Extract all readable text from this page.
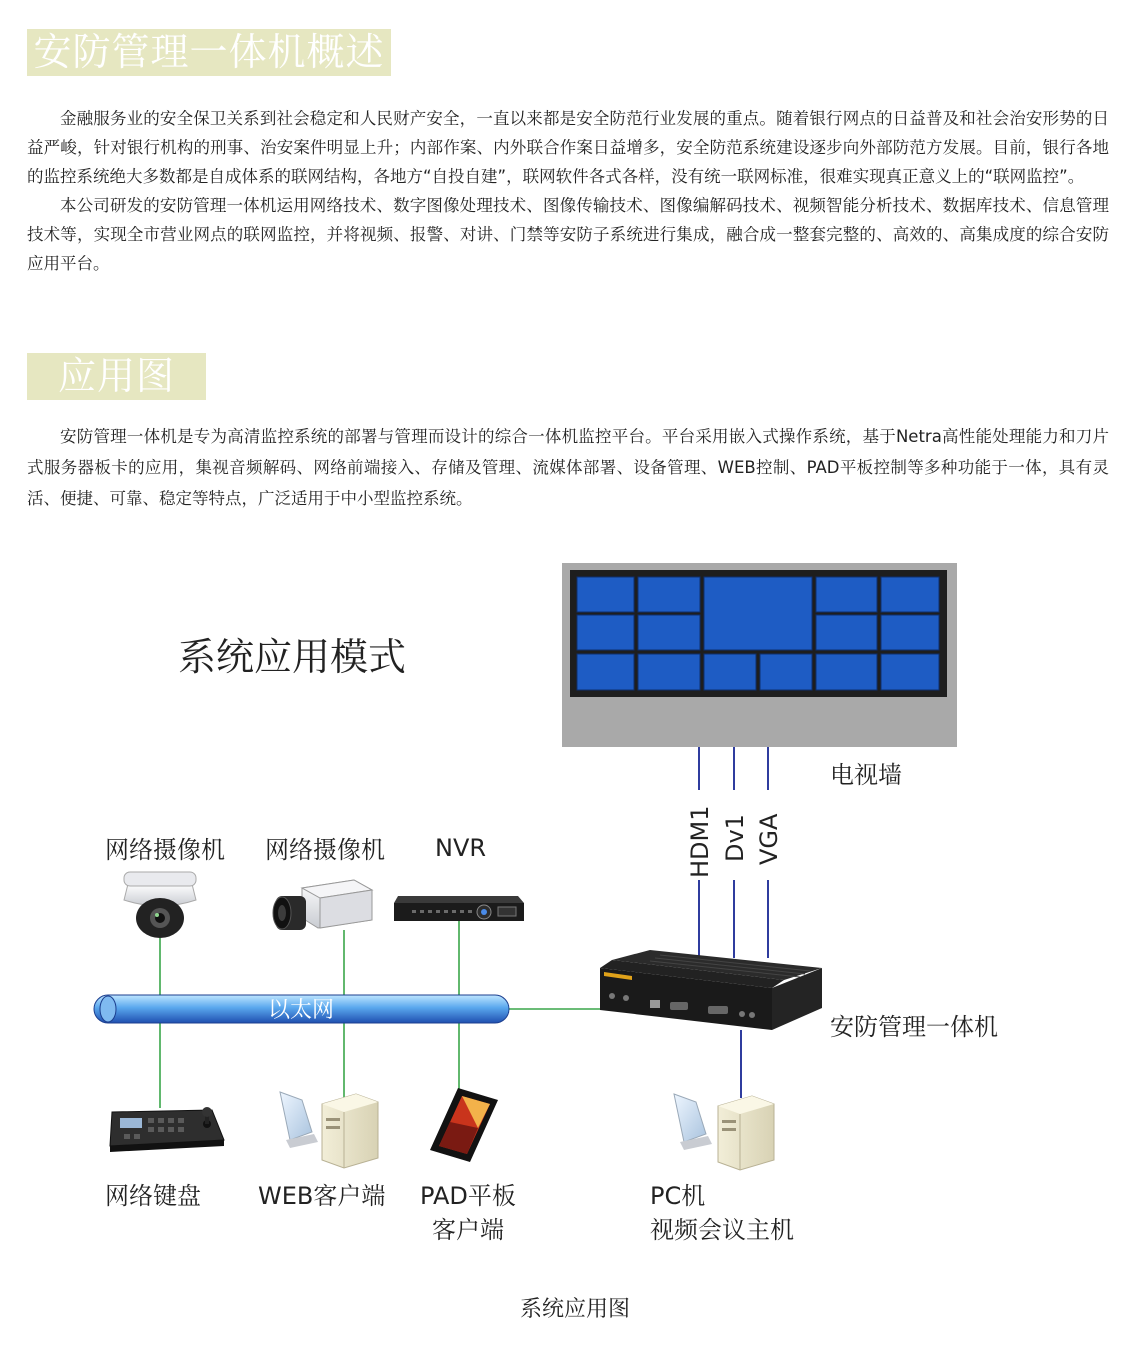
安防管理一体机概述

金融服务业的安全保卫关系到社会稳定和人民财产安全，一直以来都是安全防范行业发展的重点。随着银行网点的日益普及和社会治安形势的日益严峻，针对银行机构的刑事、治安案件明显上升；内部作案、内外联合作案日益增多，安全防范系统建设逐步向外部防范方发展。目前，银行各地的监控系统绝大多数都是自成体系的联网结构，各地方“自投自建”，联网软件各式各样，没有统一联网标准，很难实现真正意义上的“联网监控”。

本公司研发的安防管理一体机运用网络技术、数字图像处理技术、图像传输技术、图像编解码技术、视频智能分析技术、数据库技术、信息管理技术等，实现全市营业网点的联网监控，并将视频、报警、对讲、门禁等安防子系统进行集成，融合成一整套完整的、高效的、高集成度的综合安防应用平台。

应用图

安防管理一体机是专为高清监控系统的部署与管理而设计的综合一体机监控平台。平台采用嵌入式操作系统，基于Netra高性能处理能力和刀片式服务器板卡的应用，集视音频解码、网络前端接入、存储及管理、流媒体部署、设备管理、WEB控制、PAD平板控制等多种功能于一体，具有灵活、便捷、可靠、稳定等特点，广泛适用于中小型监控系统。

系统应用模式
电视墙
HDM1 Dv1 VGA
以太网
网络摄像机 网络摄像机 NVR
安防管理一体机
网络键盘 WEB客户端 PAD平板
客户端
PC机
视频会议主机
系统应用图
